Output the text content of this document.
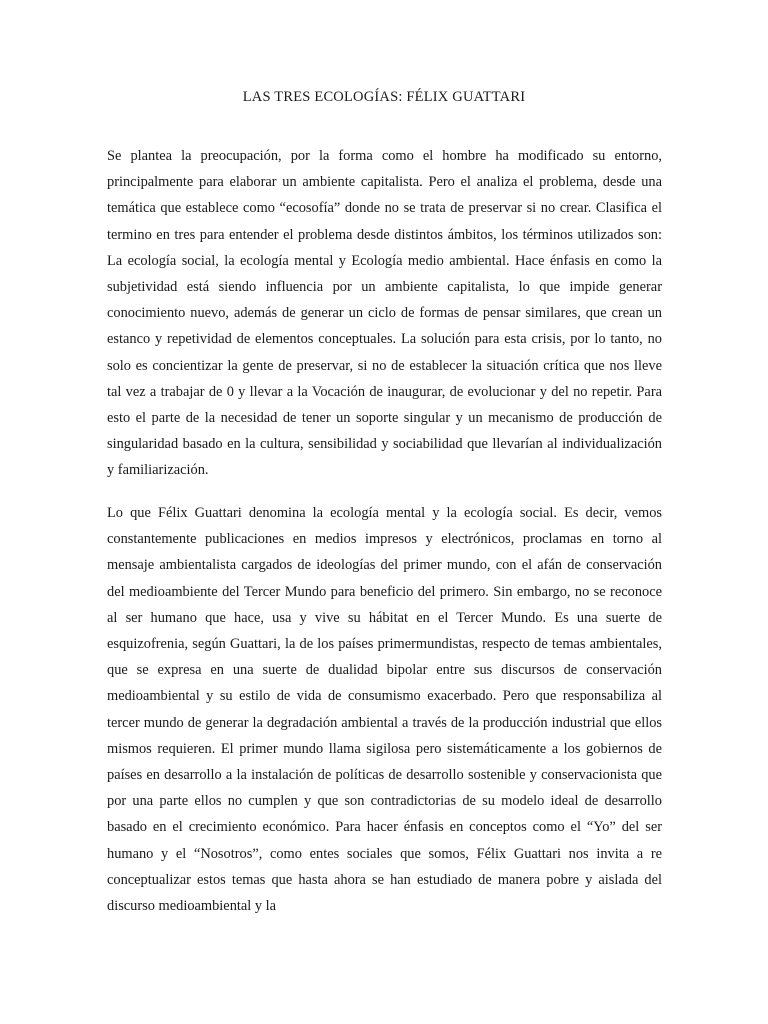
LAS TRES ECOLOGÍAS: FÉLIX GUATTARI

Se plantea la preocupación, por la forma como el hombre ha modificado su entorno, principalmente para elaborar un ambiente capitalista. Pero el analiza el problema, desde una temática que establece como “ecosofía” donde no se trata de preservar si no crear. Clasifica el termino en tres para entender el problema desde distintos ámbitos, los términos utilizados son: La ecología social, la ecología mental y Ecología medio ambiental. Hace énfasis en como la subjetividad está siendo influencia por un ambiente capitalista, lo que impide generar conocimiento nuevo, además de generar un ciclo de formas de pensar similares, que crean un estanco y repetividad de elementos conceptuales. La solución para esta crisis, por lo tanto, no solo es concientizar la gente de preservar, si no de establecer la situación crítica que nos lleve tal vez a trabajar de 0 y llevar a la Vocación de inaugurar, de evolucionar y del no repetir. Para esto el parte de la necesidad de tener un soporte singular y un mecanismo de producción de singularidad basado en la cultura, sensibilidad y sociabilidad que llevarían al individualización y familiarización.

Lo que Félix Guattari denomina la ecología mental y la ecología social. Es decir, vemos constantemente publicaciones en medios impresos y electrónicos, proclamas en torno al mensaje ambientalista cargados de ideologías del primer mundo, con el afán de conservación del medioambiente del Tercer Mundo para beneficio del primero. Sin embargo, no se reconoce al ser humano que hace, usa y vive su hábitat en el Tercer Mundo. Es una suerte de esquizofrenia, según Guattari, la de los países primermundistas, respecto de temas ambientales, que se expresa en una suerte de dualidad bipolar entre sus discursos de conservación medioambiental y su estilo de vida de consumismo exacerbado. Pero que responsabiliza al tercer mundo de generar la degradación ambiental a través de la producción industrial que ellos mismos requieren. El primer mundo llama sigilosa pero sistemáticamente a los gobiernos de países en desarrollo a la instalación de políticas de desarrollo sostenible y conservacionista que por una parte ellos no cumplen y que son contradictorias de su modelo ideal de desarrollo basado en el crecimiento económico. Para hacer énfasis en conceptos como el “Yo” del ser humano y el “Nosotros”, como entes sociales que somos, Félix Guattari nos invita a re conceptualizar estos temas que hasta ahora se han estudiado de manera pobre y aislada del discurso medioambiental y la
